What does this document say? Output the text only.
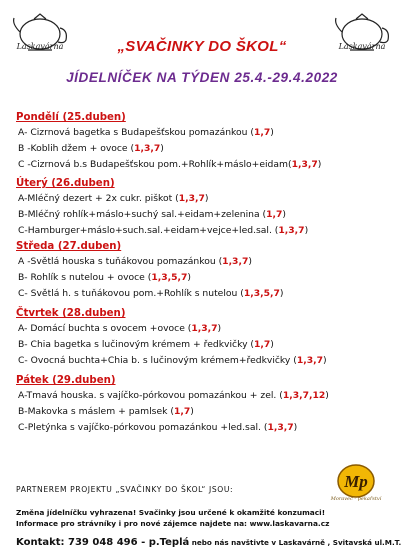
Laskavárna	Laskavárna
„SVAČINKY DO ŠKOL“
JÍDELNÍČEK NA TÝDEN 25.4.-29.4.2022
Pondělí (25.duben)
A- Cizrnová bagetka s Budapešťskou pomazánkou (1,7)
B -Koblih džem + ovoce (1,3,7)
C -Cizrnová b.s Budapešťskou pom.+Rohlík+máslo+eidam(1,3,7)
Úterý (26.duben)
A-Mléčný dezert + 2x cukr. piškot (1,3,7)
B-Mléčný rohlík+máslo+suchý sal.+eidam+zelenina (1,7)
C-Hamburger+máslo+such.sal.+eidam+vejce+led.sal. (1,3,7)
Středa (27.duben)
A -Světlá houska s tuňákovou pomazánkou (1,3,7)
B- Rohlík s nutelou + ovoce (1,3,5,7)
C- Světlá h. s tuňákovou pom.+Rohlík s nutelou (1,3,5,7)
Čtvrtek (28.duben)
A- Domácí buchta s ovocem +ovoce (1,3,7)
B- Chia bagetka s lučinovým krémem + ředkvičky (1,7)
C- Ovocná buchta+Chia b. s lučinovým krémem+ředkvičky (1,3,7)
Pátek (29.duben)
A-Tmavá houska. s vajíčko-pórkovou pomazánkou + zel. (1,3,7,12)
B-Makovka s máslem + pamlsek (1,7)
C-Pletýnka s vajíčko-pórkovou pomazánkou +led.sal. (1,3,7)
PARTNEREM PROJEKTU „SVAČINKY DO ŠKOL“ JSOU:	Mp
Moravec - pekařství
Změna jídelníčku vyhrazena! Svačinky jsou určené k okamžité konzumaci!
Informace pro strávníky i pro nové zájemce najdete na: www.laskavarna.cz
Kontakt: 739 048 496 - p.Teplá nebo nás navštivte v Laskavárně , Svitavská ul.M.T.
